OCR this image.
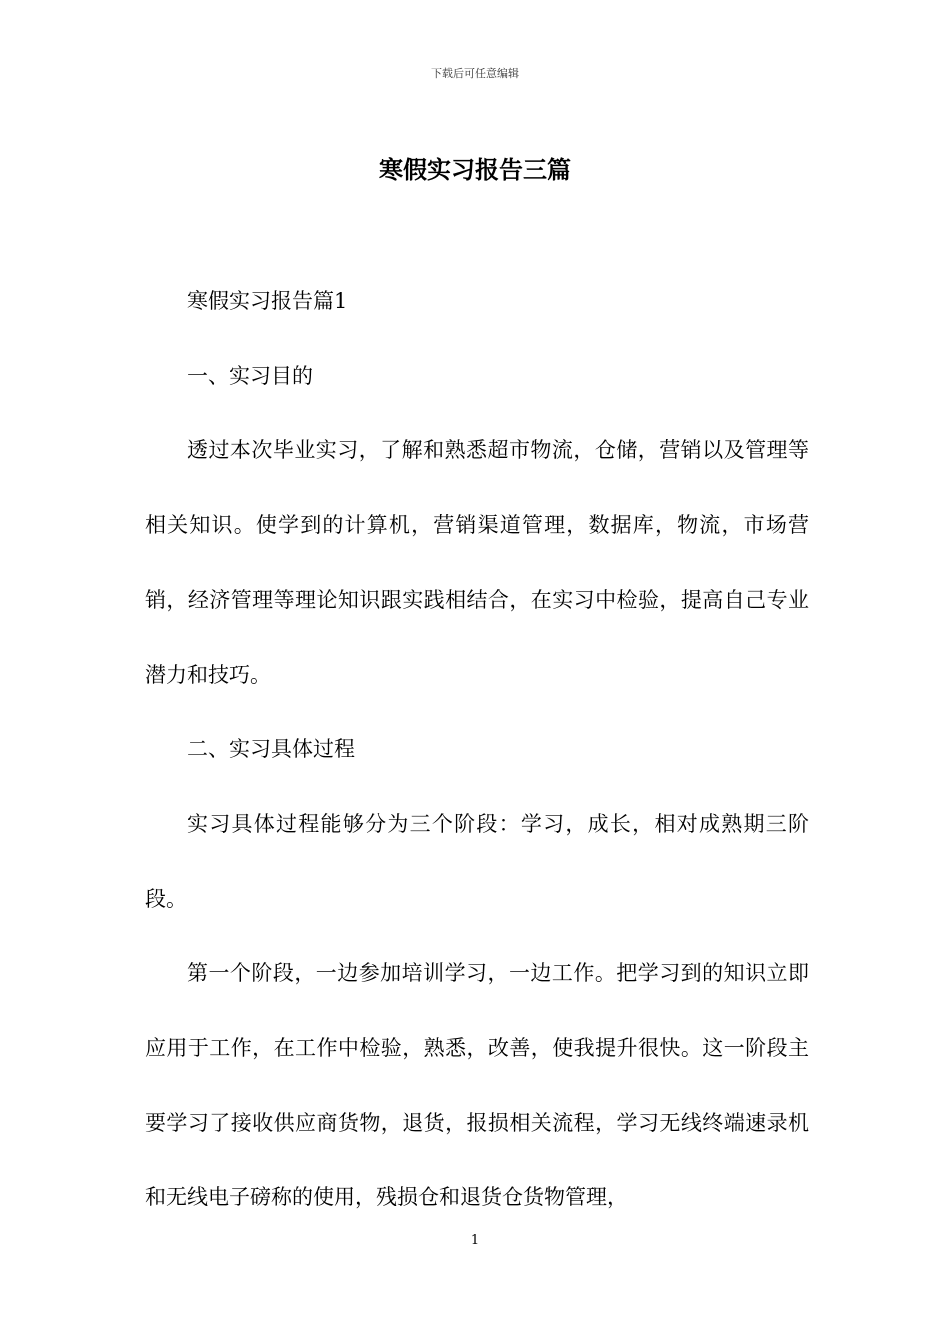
下载后可任意编辑
寒假实习报告三篇

寒假实习报告篇1

一、实习目的

透过本次毕业实习，了解和熟悉超市物流，仓储，营销以及管理等相关知识。使学到的计算机，营销渠道管理，数据库，物流，市场营销，经济管理等理论知识跟实践相结合，在实习中检验，提高自己专业潜力和技巧。

二、实习具体过程

实习具体过程能够分为三个阶段：学习，成长，相对成熟期三阶段。

第一个阶段，一边参加培训学习，一边工作。把学习到的知识立即应用于工作，在工作中检验，熟悉，改善，使我提升很快。这一阶段主要学习了接收供应商货物，退货，报损相关流程，学习无线终端速录机和无线电子磅称的使用，残损仓和退货仓货物管理，

1
